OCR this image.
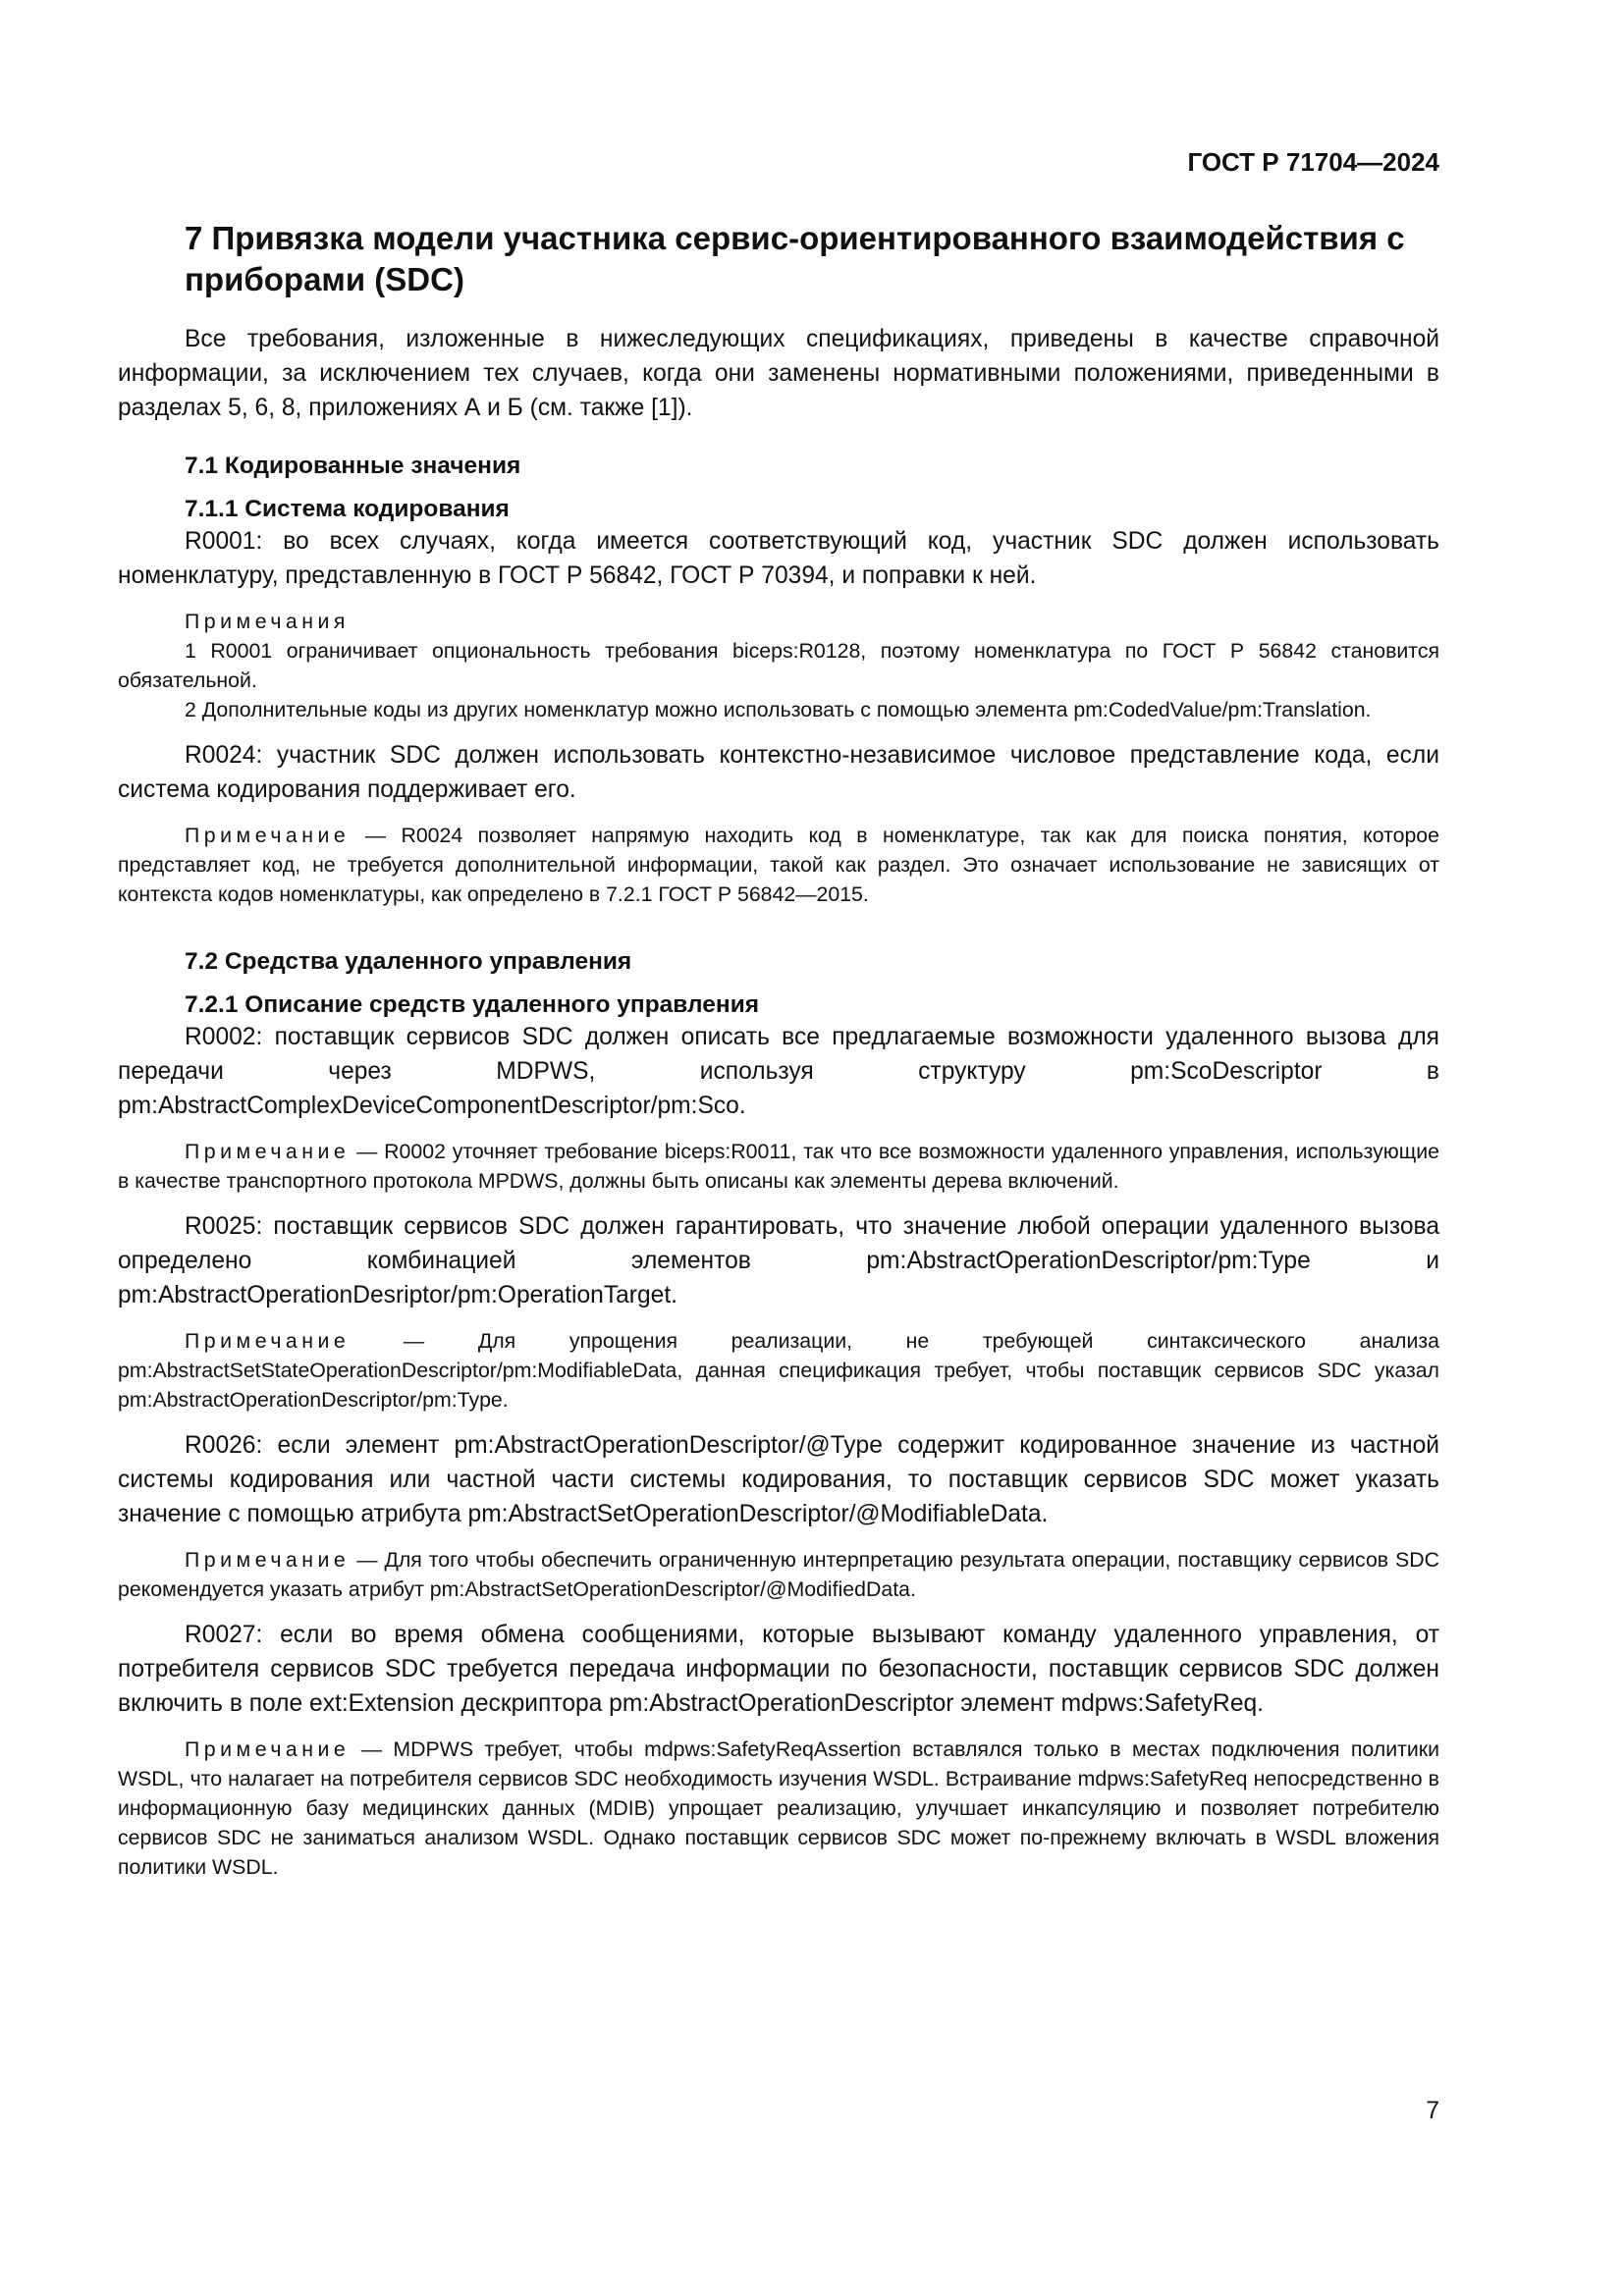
ГОСТ Р 71704—2024
7 Привязка модели участника сервис-ориентированного взаимодействия с приборами (SDC)

Все требования, изложенные в нижеследующих спецификациях, приведены в качестве справочной информации, за исключением тех случаев, когда они заменены нормативными положениями, приведенными в разделах 5, 6, 8, приложениях А и Б (см. также [1]).

7.1 Кодированные значения

7.1.1 Система кодирования

R0001: во всех случаях, когда имеется соответствующий код, участник SDC должен использовать номенклатуру, представленную в ГОСТ Р 56842, ГОСТ Р 70394, и поправки к ней.

Примечания

1 R0001 ограничивает опциональность требования biceps:R0128, поэтому номенклатура по ГОСТ Р 56842 становится обязательной.

2 Дополнительные коды из других номенклатур можно использовать с помощью элемента pm:CodedValue/pm:Translation.

R0024: участник SDC должен использовать контекстно-независимое числовое представление кода, если система кодирования поддерживает его.

Примечание — R0024 позволяет напрямую находить код в номенклатуре, так как для поиска понятия, которое представляет код, не требуется дополнительной информации, такой как раздел. Это означает использование не зависящих от контекста кодов номенклатуры, как определено в 7.2.1 ГОСТ Р 56842—2015.

7.2 Средства удаленного управления

7.2.1 Описание средств удаленного управления

R0002: поставщик сервисов SDC должен описать все предлагаемые возможности удаленного вызова для передачи через MDPWS, используя структуру pm:ScoDescriptor в pm:AbstractComplexDeviceComponentDescriptor/pm:Sco.

Примечание — R0002 уточняет требование biceps:R0011, так что все возможности удаленного управления, использующие в качестве транспортного протокола MPDWS, должны быть описаны как элементы дерева включений.

R0025: поставщик сервисов SDC должен гарантировать, что значение любой операции удаленного вызова определено комбинацией элементов pm:AbstractOperationDescriptor/pm:Type и pm:AbstractOperationDesriptor/pm:OperationTarget.

Примечание — Для упрощения реализации, не требующей синтаксического анализа pm:AbstractSetStateOperationDescriptor/pm:ModifiableData, данная спецификация требует, чтобы поставщик сервисов SDC указал pm:AbstractOperationDescriptor/pm:Type.

R0026: если элемент pm:AbstractOperationDescriptor/@Type содержит кодированное значение из частной системы кодирования или частной части системы кодирования, то поставщик сервисов SDC может указать значение с помощью атрибута pm:AbstractSetOperationDescriptor/@ModifiableData.

Примечание — Для того чтобы обеспечить ограниченную интерпретацию результата операции, поставщику сервисов SDC рекомендуется указать атрибут pm:AbstractSetOperationDescriptor/@ModifiedData.

R0027: если во время обмена сообщениями, которые вызывают команду удаленного управления, от потребителя сервисов SDC требуется передача информации по безопасности, поставщик сервисов SDC должен включить в поле ext:Extension дескриптора pm:AbstractOperationDescriptor элемент mdpws:SafetyReq.

Примечание — MDPWS требует, чтобы mdpws:SafetyReqAssertion вставлялся только в местах подключения политики WSDL, что налагает на потребителя сервисов SDC необходимость изучения WSDL. Встраивание mdpws:SafetyReq непосредственно в информационную базу медицинских данных (MDIB) упрощает реализацию, улучшает инкапсуляцию и позволяет потребителю сервисов SDC не заниматься анализом WSDL. Однако поставщик сервисов SDC может по-прежнему включать в WSDL вложения политики WSDL.

7
